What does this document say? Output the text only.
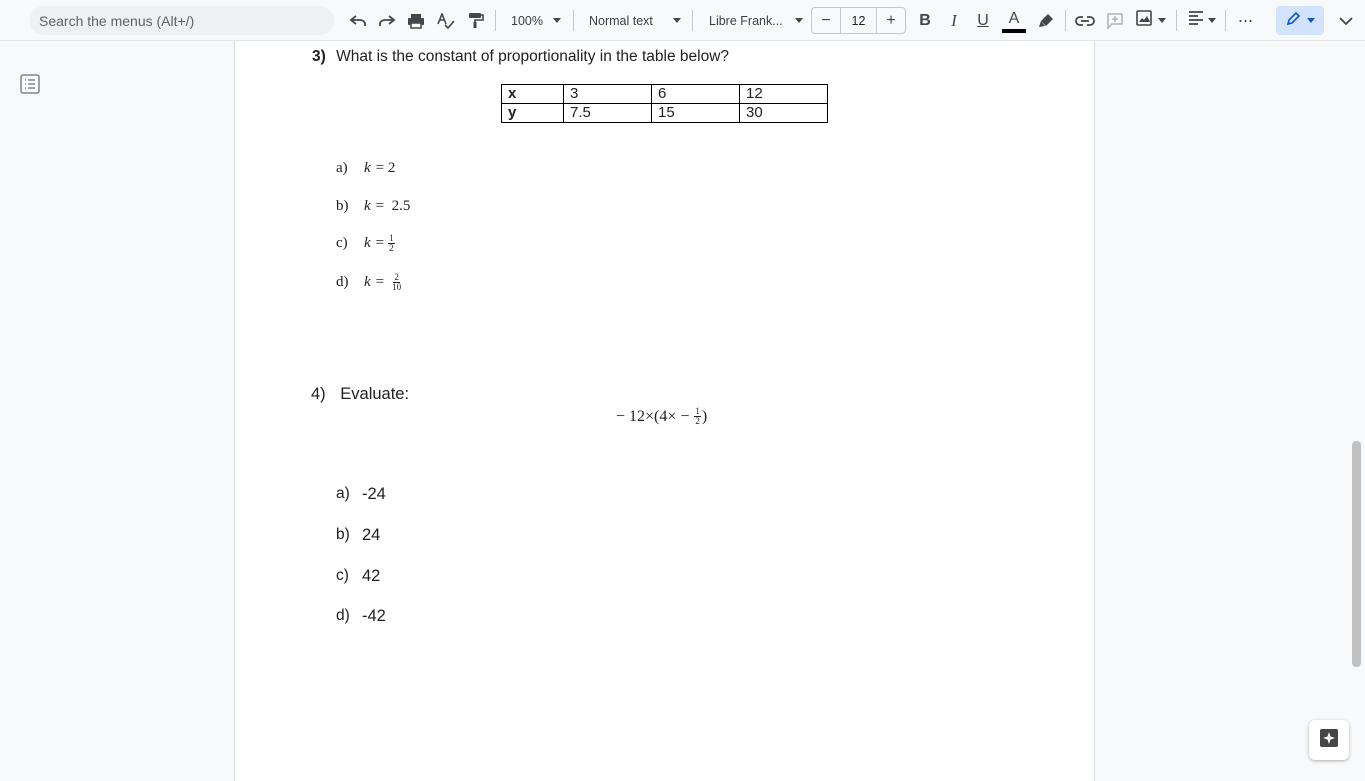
Search the menus (Alt+/)
100%	Normal text	Libre Frank...	−	12	+	B	I	U	A	···
3) What is the constant of proportionality in the table below?
x	3	6	12
y	7.5	15	30
a)	k = 2
b)	k =  2.5
c)	$k = \frac{1}{2}$
d)	$k = \frac{2}{10}$
4) Evaluate:
− $12\times(4\times - \frac{1}{2}$ )
a) -24
b) 24
c) 42
d) -42
